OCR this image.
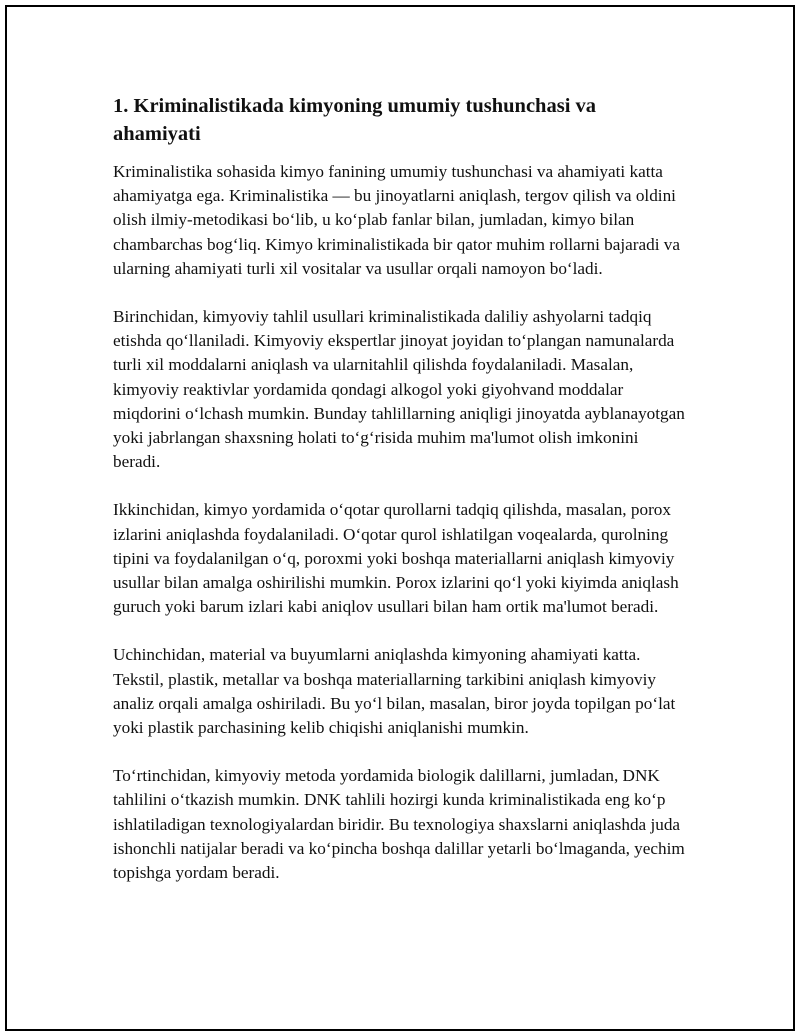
1. Kriminalistikada kimyoning umumiy tushunchasi va ahamiyati

Kriminalistika sohasida kimyo fanining umumiy tushunchasi va ahamiyati katta ahamiyatga ega. Kriminalistika — bu jinoyatlarni aniqlash, tergov qilish va oldini olish ilmiy-metodikasi bo‘lib, u ko‘plab fanlar bilan, jumladan, kimyo bilan chambarchas bog‘liq. Kimyo kriminalistikada bir qator muhim rollarni bajaradi va ularning ahamiyati turli xil vositalar va usullar orqali namoyon bo‘ladi.

Birinchidan, kimyoviy tahlil usullari kriminalistikada daliliy ashyolarni tadqiq etishda qo‘llaniladi. Kimyoviy ekspertlar jinoyat joyidan to‘plangan namunalarda turli xil moddalarni aniqlash va ularnitahlil qilishda foydalaniladi. Masalan, kimyoviy reaktivlar yordamida qondagi alkogol yoki giyohvand moddalar miqdorini o‘lchash mumkin. Bunday tahlillarning aniqligi jinoyatda ayblanayotgan yoki jabrlangan shaxsning holati to‘g‘risida muhim ma'lumot olish imkonini beradi.

Ikkinchidan, kimyo yordamida o‘qotar qurollarni tadqiq qilishda, masalan, porox izlarini aniqlashda foydalaniladi. O‘qotar qurol ishlatilgan voqealarda, qurolning tipini va foydalanilgan o‘q, poroxmi yoki boshqa materiallarni aniqlash kimyoviy usullar bilan amalga oshirilishi mumkin. Porox izlarini qo‘l yoki kiyimda aniqlash guruch yoki barum izlari kabi aniqlov usullari bilan ham ortik ma'lumot beradi.

Uchinchidan, material va buyumlarni aniqlashda kimyoning ahamiyati katta. Tekstil, plastik, metallar va boshqa materiallarning tarkibini aniqlash kimyoviy analiz orqali amalga oshiriladi. Bu yo‘l bilan, masalan, biror joyda topilgan po‘lat yoki plastik parchasining kelib chiqishi aniqlanishi mumkin.

To‘rtinchidan, kimyoviy metoda yordamida biologik dalillarni, jumladan, DNK tahlilini o‘tkazish mumkin. DNK tahlili hozirgi kunda kriminalistikada eng ko‘p ishlatiladigan texnologiyalardan biridir. Bu texnologiya shaxslarni aniqlashda juda ishonchli natijalar beradi va ko‘pincha boshqa dalillar yetarli bo‘lmaganda, yechim topishga yordam beradi.
